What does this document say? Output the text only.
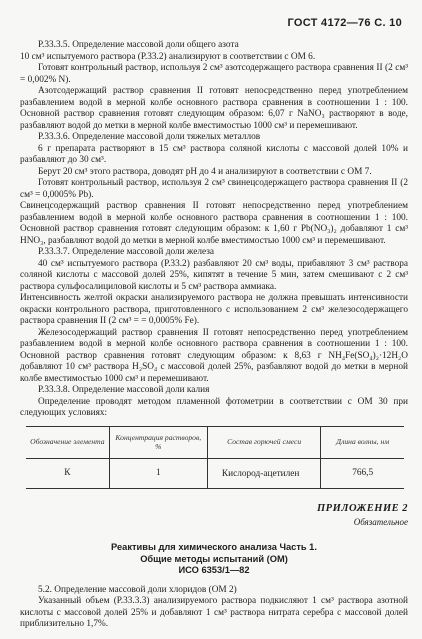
ГОСТ 4172—76 С. 10

Р.33.3.5. Определение массовой доли общего азота

10 см³ испытуемого раствора (Р.33.2) анализируют в соответствии с ОМ 6.

Готовят контрольный раствор, используя 2 см³ азотсодержащего раствора сравнения II (2 см³ = 0,002% N).

Азотсодержащий раствор сравнения II готовят непосредственно перед употреблением разбавлением водой в мерной колбе основного раствора сравнения в соотношении 1 : 100. Основной раствор сравнения готовят следующим образом: 6,07 г NaNO₃ растворяют в воде, разбавляют водой до метки в мерной колбе вместимостью 1000 см³ и перемешивают.

Р.33.3.6. Определение массовой доли тяжелых металлов

6 г препарата растворяют в 15 см³ раствора соляной кислоты с массовой долей 10% и разбавляют до 30 см³.

Берут 20 см³ этого раствора, доводят pH до 4 и анализируют в соответствии с ОМ 7.

Готовят контрольный раствор, используя 2 см³ свинецсодержащего раствора сравнения II (2 см³ = 0,0005% Pb).

Свинецсодержащий раствор сравнения II готовят непосредственно перед употреблением разбавлением водой в мерной колбе основного раствора сравнения в соотношении 1 : 100. Основной раствор сравнения готовят следующим образом: к 1,60 г Pb(NO₃)₂ добавляют 1 см³ HNO₃, разбавляют водой до метки в мерной колбе вместимостью 1000 см³ и перемешивают.

Р.33.3.7. Определение массовой доли железа

40 см³ испытуемого раствора (Р.33.2) разбавляют 20 см³ воды, прибавляют 3 см³ раствора соляной кислоты с массовой долей 25%, кипятят в течение 5 мин, затем смешивают с 2 см³ раствора сульфосалициловой кислоты и 5 см³ раствора аммиака.

Интенсивность желтой окраски анализируемого раствора не должна превышать интенсивности окраски контрольного раствора, приготовленного с использованием 2 см³ железосодержащего раствора сравнения II (2 см³ = = 0,0005% Fe).

Железосодержащий раствор сравнения II готовят непосредственно перед употреблением разбавлением водой в мерной колбе основного раствора сравнения в соотношении 1 : 100. Основной раствор сравнения готовят следующим образом: к 8,63 г NH₄Fe(SO₄)₂·12H₂O добавляют 10 см³ раствора H₂SO₄ с массовой долей 25%, разбавляют водой до метки в мерной колбе вместимостью 1000 см³ и перемешивают.

Р.33.3.8. Определение массовой доли калия

Определение проводят методом пламенной фотометрии в соответствии с ОМ 30 при следующих условиях:

Обозначение элемента	Концентрация растворов, %	Состав горючей смеси	Длина волны, нм
К	1	Кислород-ацетилен	766,5
ПРИЛОЖЕНИЕ 2
Обязательное
Реактивы для химического анализа Часть 1.
Общие методы испытаний (ОМ)
ИСО 6353/1—82

5.2. Определение массовой доли хлоридов (ОМ 2)

Указанный объем (Р.33.3.3) анализируемого раствора подкисляют 1 см³ раствора азотной кислоты с массовой долей 25% и добавляют 1 см³ раствора нитрата серебра с массовой долей приблизительно 1,7%.
